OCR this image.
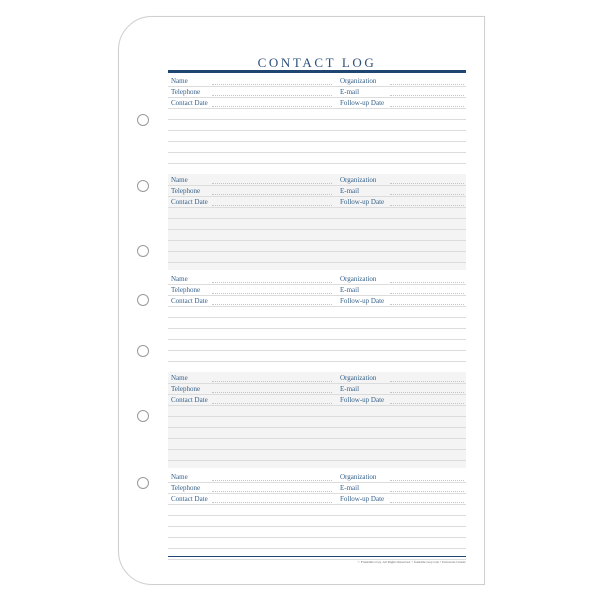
CONTACT LOG
Name	Organization
Telephone	E-mail
Contact Date	Follow-up Date
Name	Organization
Telephone	E-mail
Contact Date	Follow-up Date
Name	Organization
Telephone	E-mail
Contact Date	Follow-up Date
Name	Organization
Telephone	E-mail
Contact Date	Follow-up Date
Name	Organization
Telephone	E-mail
Contact Date	Follow-up Date
© FranklinCovey. All Rights Reserved. • franklincovey.com • Universal-Classic
